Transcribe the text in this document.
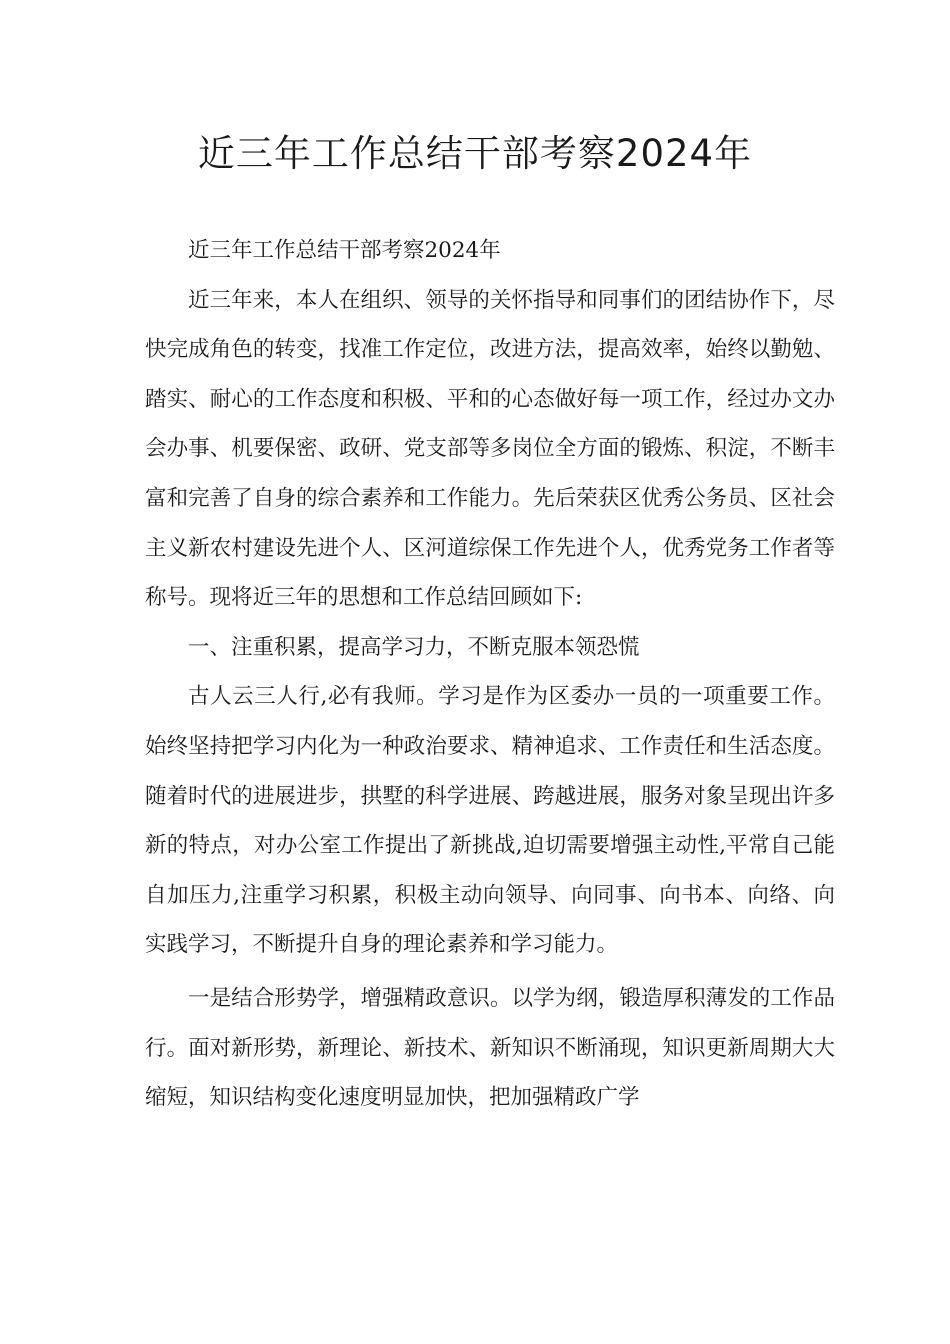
近三年工作总结干部考察2024年

近三年工作总结干部考察2024年

近三年来，本人在组织、领导的关怀指导和同事们的团结协作下，尽快完成角色的转变，找准工作定位，改进方法，提高效率，始终以勤勉、踏实、耐心的工作态度和积极、平和的心态做好每一项工作，经过办文办会办事、机要保密、政研、党支部等多岗位全方面的锻炼、积淀，不断丰富和完善了自身的综合素养和工作能力。先后荣获区优秀公务员、区社会主义新农村建设先进个人、区河道综保工作先进个人，优秀党务工作者等称号。现将近三年的思想和工作总结回顾如下:

一、注重积累，提高学习力，不断克服本领恐慌

古人云三人行,必有我师。学习是作为区委办一员的一项重要工作。始终坚持把学习内化为一种政治要求、精神追求、工作责任和生活态度。随着时代的进展进步，拱墅的科学进展、跨越进展，服务对象呈现出许多新的特点，对办公室工作提出了新挑战,迫切需要增强主动性,平常自己能自加压力,注重学习积累，积极主动向领导、向同事、向书本、向络、向实践学习，不断提升自身的理论素养和学习能力。

一是结合形势学，增强精政意识。以学为纲，锻造厚积薄发的工作品行。面对新形势，新理论、新技术、新知识不断涌现，知识更新周期大大缩短，知识结构变化速度明显加快，把加强精政广学
